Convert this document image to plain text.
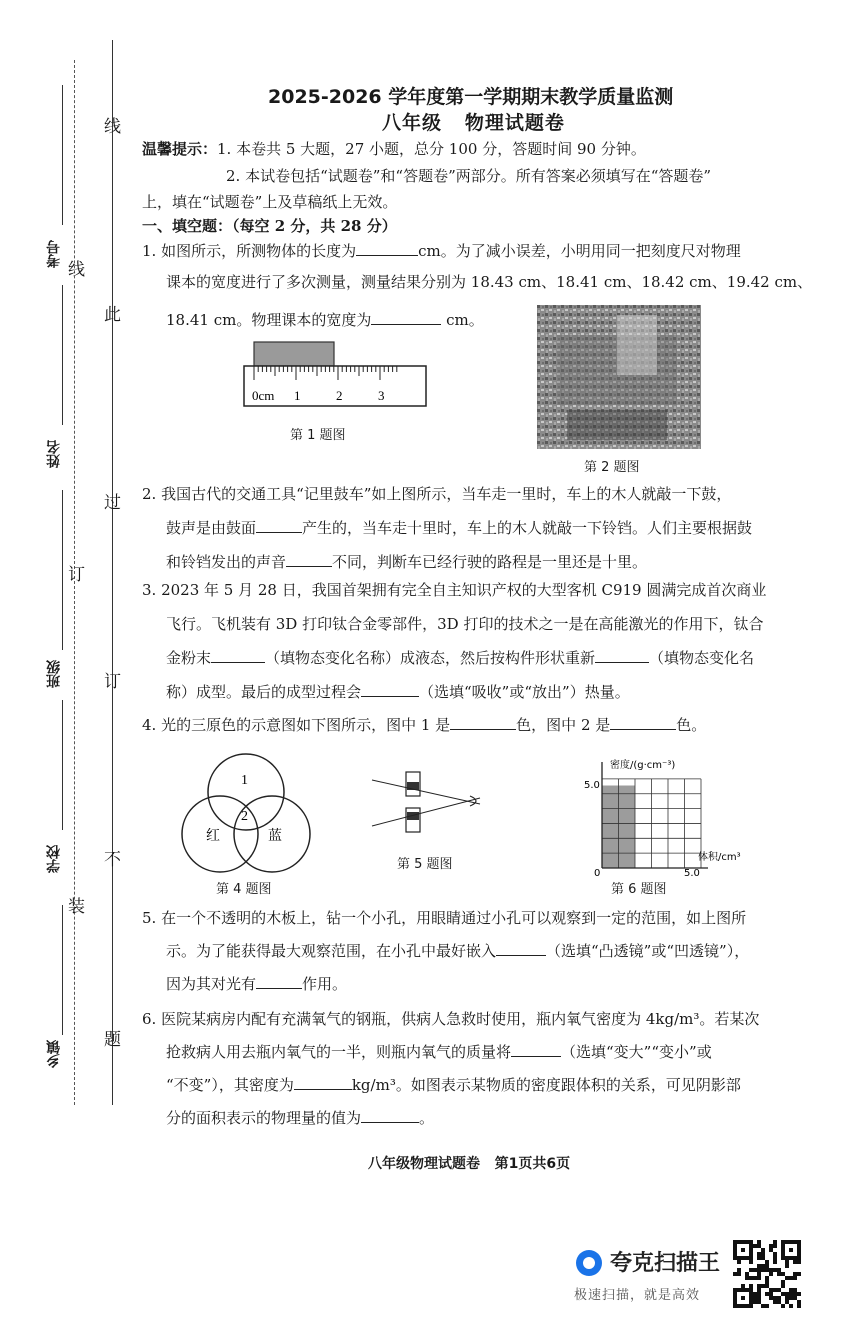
考号
姓名
班级
学校
乡镇
线
订
装
线
此
过
订
不
题
2025-2026 学年度第一学期期末教学质量监测
八年级   物理试题卷
温馨提示：1. 本卷共 5 大题，27 小题，总分 100 分，答题时间 90 分钟。
2. 本试卷包括“试题卷”和“答题卷”两部分。所有答案必须填写在“答题卷”
上，填在“试题卷”上及草稿纸上无效。
一、填空题：（每空 2 分，共 28 分）
1. 如图所示，所测物体的长度为	cm。为了减小误差，小明用同一把刻度尺对物理
课本的宽度进行了多次测量，测量结果分别为 18.43 cm、18.41 cm、18.42 cm、19.42 cm、
18.41 cm。物理课本的宽度为	cm。
0cm 1	2	3
第 1 题图
第 2 题图
2. 我国古代的交通工具“记里鼓车”如上图所示，当车走一里时，车上的木人就敲一下鼓，
鼓声是由鼓面	产生的，当车走十里时，车上的木人就敲一下铃铛。人们主要根据鼓
和铃铛发出的声音	不同，判断车已经行驶的路程是一里还是十里。
3. 2023 年 5 月 28 日，我国首架拥有完全自主知识产权的大型客机 C919 圆满完成首次商业
飞行。飞机装有 3D 打印钛合金零部件，3D 打印的技术之一是在高能激光的作用下，钛合
金粉末	（填物态变化名称）成液态，然后按构件形状重新	（填物态变化名
称）成型。最后的成型过程会	（选填“吸收”或“放出”）热量。
4. 光的三原色的示意图如下图所示，图中 1 是	色，图中 2 是	色。
1
2
红	蓝
第 4 题图
第 5 题图
密度/(g·cm⁻³)
体积/cm³
5.0
5.0
0
第 6 题图
5. 在一个不透明的木板上，钻一个小孔，用眼睛通过小孔可以观察到一定的范围，如上图所
示。为了能获得最大观察范围，在小孔中最好嵌入	（选填“凸透镜”或“凹透镜”），
因为其对光有	作用。
6. 医院某病房内配有充满氧气的钢瓶，供病人急救时使用，瓶内氧气密度为 4kg/m³。若某次
抢救病人用去瓶内氧气的一半，则瓶内氧气的质量将	（选填“变大”“变小”或
“不变”），其密度为	kg/m³。如图表示某物质的密度跟体积的关系，可见阴影部
分的面积表示的物理量的值为	。
八年级物理试题卷   第1页共6页
夸克扫描王
极速扫描，就是高效
